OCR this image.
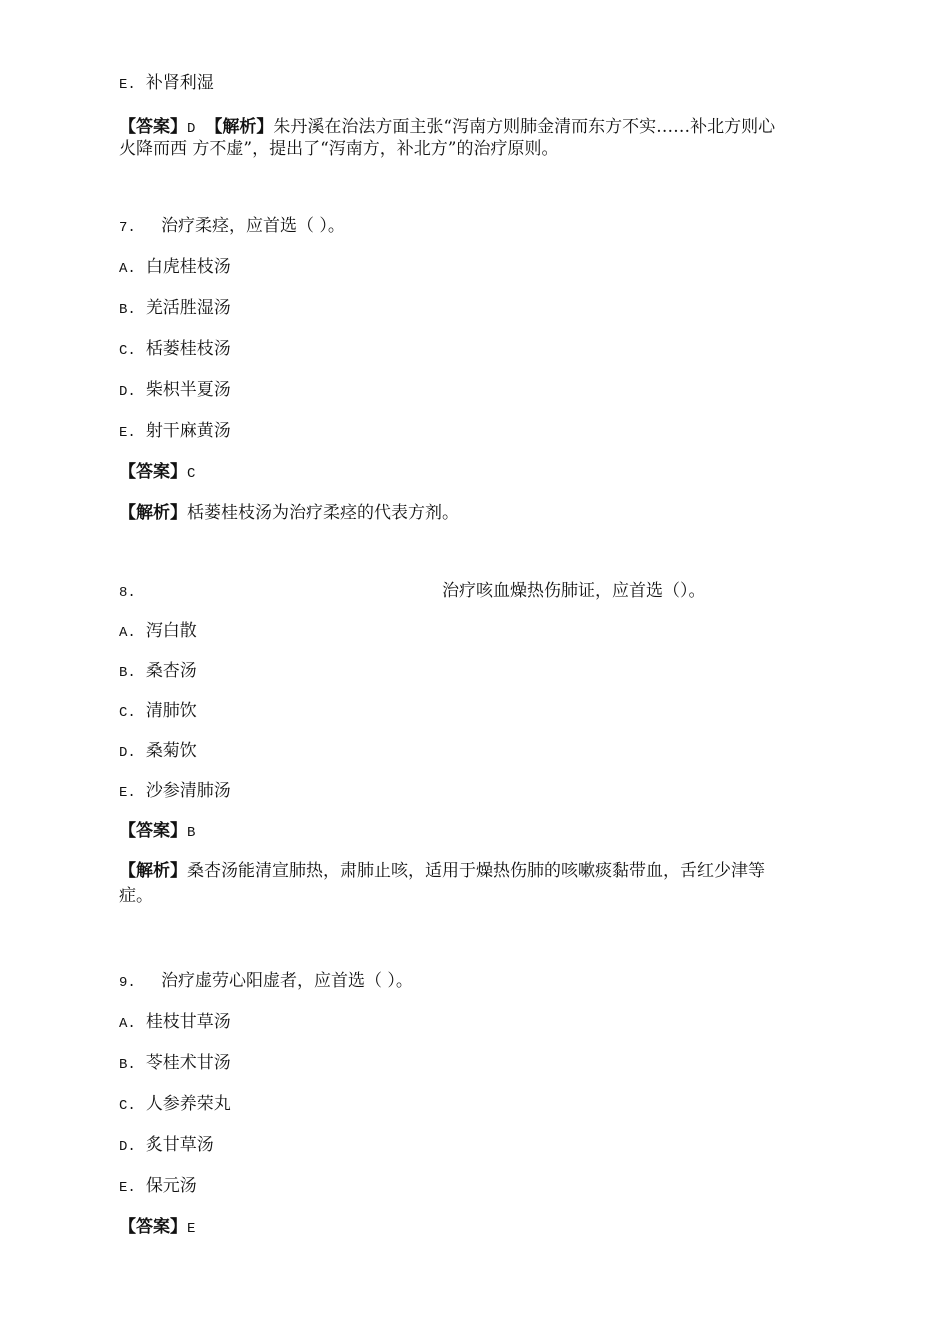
E. 补肾利湿
【答案】D 【解析】朱丹溪在治法方面主张“泻南方则肺金清而东方不实……补北方则心
火降而西 方不虚”，提出了“泻南方，补北方”的治疗原则。
7. 治疗柔痉，应首选（ ）。
A. 白虎桂枝汤
B. 羌活胜湿汤
C. 栝蒌桂枝汤
D. 柴枳半夏汤
E. 射干麻黄汤
【答案】C
【解析】栝蒌桂枝汤为治疗柔痉的代表方剂。
8.	治疗咳血燥热伤肺证，应首选（）。
A. 泻白散
B. 桑杏汤
C. 清肺饮
D. 桑菊饮
E. 沙参清肺汤
【答案】B
【解析】桑杏汤能清宣肺热，肃肺止咳，适用于燥热伤肺的咳嗽痰黏带血，舌红少津等
症。
9. 治疗虚劳心阳虚者，应首选（ ）。
A. 桂枝甘草汤
B. 苓桂术甘汤
C. 人参养荣丸
D. 炙甘草汤
E. 保元汤
【答案】E
